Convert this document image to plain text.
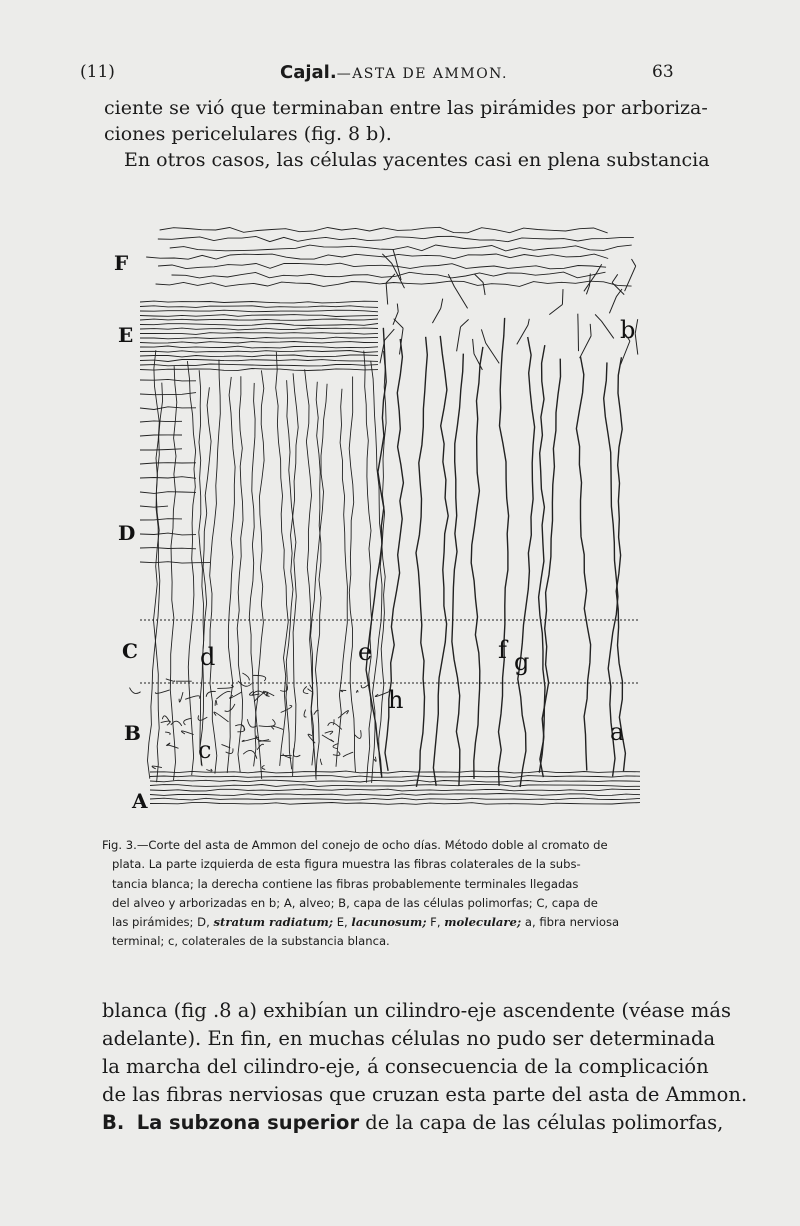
(11)	Cajal.—ASTA DE AMMON.	63
ciente se vió que terminaban entre las pirámides por arboriza-
ciones pericelulares (fig. 8 b).
En otros casos, las células yacentes casi en plena substancia
F
E
D
C
B
A
b
d	e	f g
h
c
a
Fig. 3.—Corte del asta de Ammon del conejo de ocho días. Método doble al cromato de
plata. La parte izquierda de esta figura muestra las fibras colaterales de la subs-
tancia blanca; la derecha contiene las fibras probablemente terminales llegadas
del alveo y arborizadas en b; A, alveo; B, capa de las células polimorfas; C, capa de
las pirámides; D, stratum radiatum; E, lacunosum; F, moleculare; a, fibra nerviosa
terminal; c, colaterales de la substancia blanca.
blanca (fig .8 a) exhibían un cilindro-eje ascendente (véase más
adelante). En fin, en muchas células no pudo ser determinada
la marcha del cilindro-eje, á consecuencia de la complicación
de las fibras nerviosas que cruzan esta parte del asta de Ammon.
B. La subzona superior de la capa de las células polimorfas,
